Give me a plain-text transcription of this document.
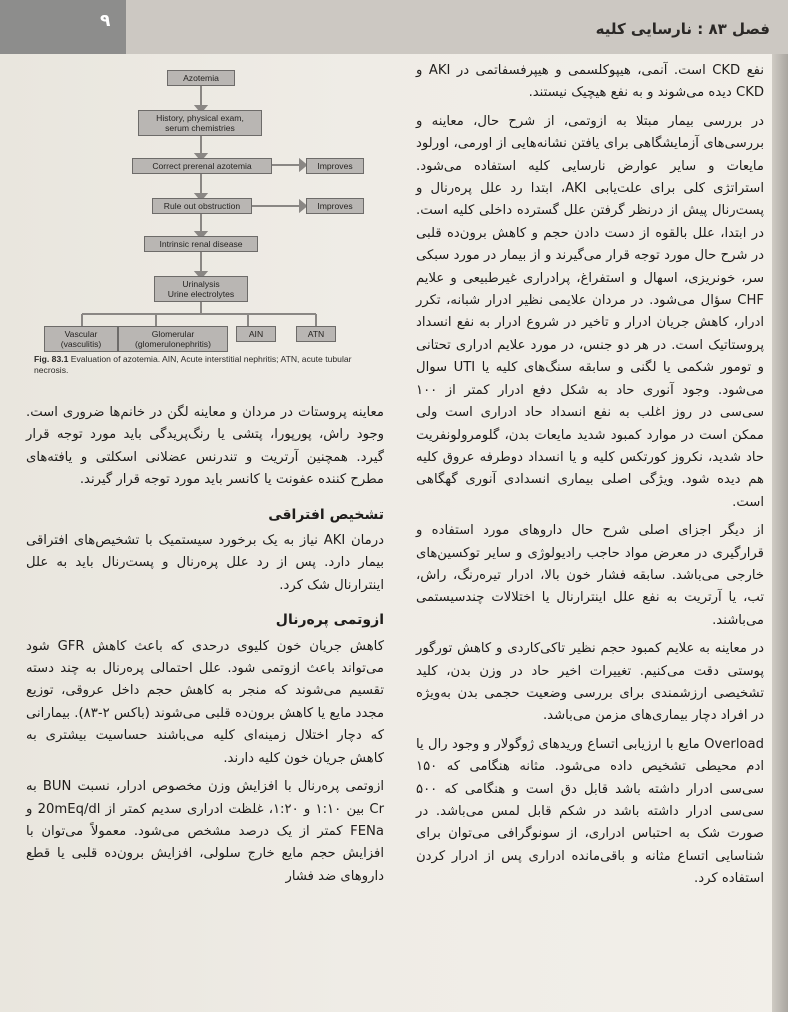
۹	فصل ۸۳ : نارسایی کلیه
Azotemia
History, physical exam,
serum chemistries
Correct prerenal azotemia	Improves
Rule out obstruction	Improves
Intrinsic renal disease
Urinalysis
Urine electrolytes
Vascular
(vasculitis)
Glomerular
(glomerulonephritis)
AIN	ATN
Fig. 83.1 Evaluation of azotemia. AIN, Acute interstitial nephritis; ATN, acute tubular necrosis.

نفع CKD است. آنمی، هیپوکلسمی و هیپرفسفاتمی در AKI و CKD دیده می‌شوند و به نفع هیچیک نیستند.

در بررسی بیمار مبتلا به ازوتمی، از شرح حال، معاینه و بررسی‌های آزمایشگاهی برای یافتن نشانه‌هایی از اورمی، اورلود مایعات و سایر عوارض نارسایی کلیه استفاده می‌شود. استراتژی کلی برای علت‌یابی AKI، ابتدا رد علل پره‌رنال و پست‌رنال پیش از درنظر گرفتن علل گسترده داخلی کلیه است. در ابتدا، علل بالقوه از دست دادن حجم و کاهش برون‌ده قلبی در شرح حال مورد توجه قرار می‌گیرند و از بیمار در مورد سبکی سر، خونریزی، اسهال و استفراغ، پرادراری غیرطبیعی و علایم CHF سؤال می‌شود. در مردان علایمی نظیر ادرار شبانه، تکرر ادرار، کاهش جریان ادرار و تاخیر در شروع ادرار به نفع انسداد پروستاتیک است. در هر دو جنس، در مورد علایم ادراری تحتانی و تومور شکمی یا لگنی و سابقه سنگ‌های کلیه یا UTI سوال می‌شود. وجود آنوری حاد به شکل دفع ادرار کمتر از ۱۰۰ سی‌سی در روز اغلب به نفع انسداد حاد ادراری است ولی ممکن است در موارد کمبود شدید مایعات بدن، گلومرولونفریت حاد شدید، نکروز کورتکس کلیه و یا انسداد دوطرفه عروق کلیه هم دیده شود. ویژگی اصلی بیماری انسدادی آنوری گهگاهی است.

از دیگر اجزای اصلی شرح حال داروهای مورد استفاده و قرارگیری در معرض مواد حاجب رادیولوژی و سایر توکسین‌های خارجی می‌باشد. سابقه فشار خون بالا، ادرار تیره‌رنگ، راش، تب، یا آرتریت به نفع علل اینترارنال یا اختلالات چندسیستمی می‌باشند.

در معاینه به علایم کمبود حجم نظیر تاکی‌کاردی و کاهش تورگور پوستی دقت می‌کنیم. تغییرات اخیر حاد در وزن بدن، کلید تشخیصی ارزشمندی برای بررسی وضعیت حجمی بدن به‌ویژه در افراد دچار بیماری‌های مزمن می‌باشد.

Overload مایع با ارزیابی اتساع وریدهای ژوگولار و وجود رال یا ادم محیطی تشخیص داده می‌شود. مثانه هنگامی که ۱۵۰ سی‌سی ادرار داشته باشد قابل دق است و هنگامی که ۵۰۰ سی‌سی ادرار داشته باشد در شکم قابل لمس می‌باشد. در صورت شک به احتباس ادراری، از سونوگرافی می‌توان برای شناسایی اتساع مثانه و باقی‌مانده ادراری پس از ادرار کردن استفاده کرد.

معاینه پروستات در مردان و معاینه لگن در خانم‌ها ضروری است. وجود راش، پورپورا، پتشی یا رنگ‌پریدگی باید مورد توجه قرار گیرد. همچنین آرتریت و تندرنس عضلانی اسکلتی و یافته‌های مطرح کننده عفونت یا کانسر باید مورد توجه قرار گیرند.

تشخیص افتراقی

درمان AKI نیاز به یک برخورد سیستمیک با تشخیص‌های افتراقی بیمار دارد. پس از رد علل پره‌رنال و پست‌رنال باید به علل اینترارنال شک کرد.

ازوتمی پره‌رنال

کاهش جریان خون کلیوی درحدی که باعث کاهش GFR شود می‌تواند باعث ازوتمی شود. علل احتمالی پره‌رنال به چند دسته تقسیم می‌شوند که منجر به کاهش حجم داخل عروقی، توزیع مجدد مایع یا کاهش برون‌ده قلبی می‌شوند (باکس ۲-۸۳). بیمارانی که دچار اختلال زمینه‌ای کلیه می‌باشند حساسیت بیشتری به کاهش جریان خون کلیه دارند.

ازوتمی پره‌رنال با افزایش وزن مخصوص ادرار، نسبت BUN به Cr بین ۱:۱۰ و ۱:۲۰، غلظت ادراری سدیم کمتر از 20mEq/dl و FENa کمتر از یک درصد مشخص می‌شود. معمولاً می‌توان با افزایش حجم مایع خارج سلولی، افزایش برون‌ده قلبی یا قطع داروهای ضد فشار
